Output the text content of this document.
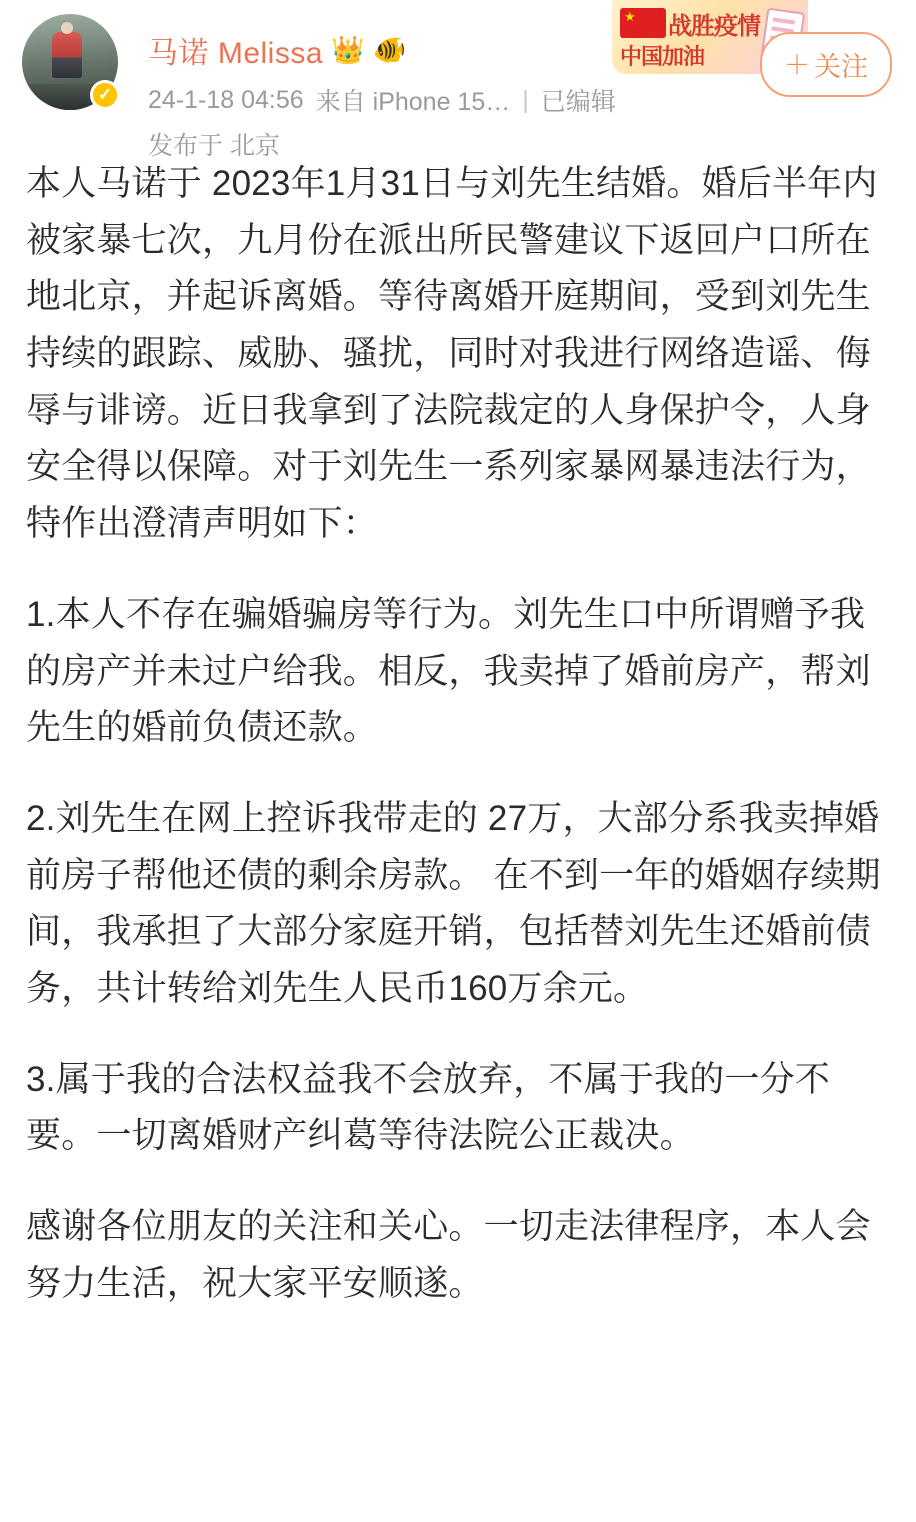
✓
马诺 Melissa 👑 🐠
24-1-18 04:56 来自 iPhone 15… | 已编辑
发布于 北京
★
战胜疫情
中国加油	＋ 关注

本人马诺于 2023年1月31日与刘先生结婚。婚后半年内被家暴七次，九月份在派出所民警建议下返回户口所在地北京，并起诉离婚。等待离婚开庭期间，受到刘先生持续的跟踪、威胁、骚扰，同时对我进行网络造谣、侮辱与诽谤。近日我拿到了法院裁定的人身保护令，人身安全得以保障。对于刘先生一系列家暴网暴违法行为，特作出澄清声明如下：

1.本人不存在骗婚骗房等行为。刘先生口中所谓赠予我的房产并未过户给我。相反，我卖掉了婚前房产，帮刘先生的婚前负债还款。

2.刘先生在网上控诉我带走的 27万，大部分系我卖掉婚前房子帮他还债的剩余房款。 在不到一年的婚姻存续期间，我承担了大部分家庭开销，包括替刘先生还婚前债务，共计转给刘先生人民币160万余元。

3.属于我的合法权益我不会放弃，不属于我的一分不要。一切离婚财产纠葛等待法院公正裁决。

感谢各位朋友的关注和关心。一切走法律程序，本人会努力生活，祝大家平安顺遂。
